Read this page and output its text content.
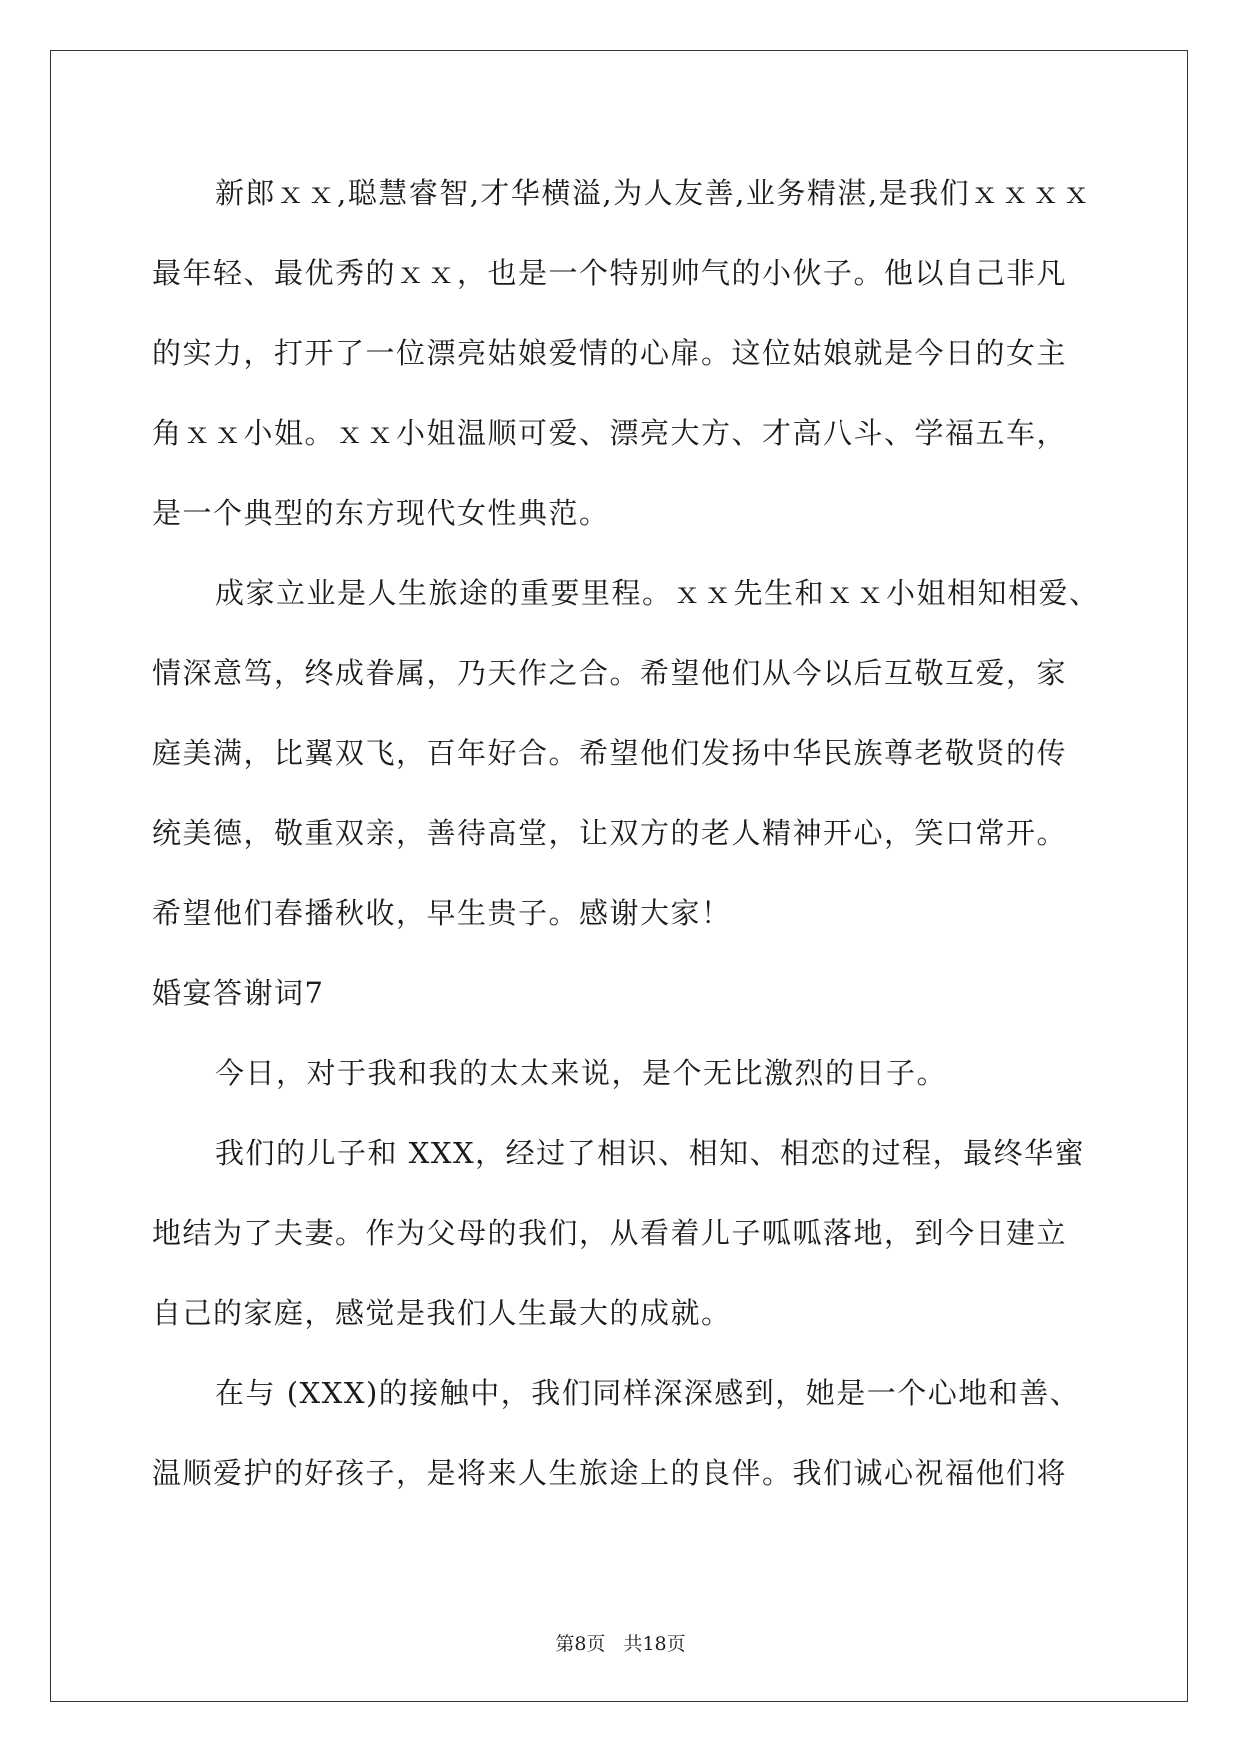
新郎ｘｘ,聪慧睿智,才华横溢,为人友善,业务精湛,是我们ｘｘｘｘ
最年轻、最优秀的ｘｘ，也是一个特别帅气的小伙子。他以自己非凡
的实力，打开了一位漂亮姑娘爱情的心扉。这位姑娘就是今日的女主
角ｘｘ小姐。ｘｘ小姐温顺可爱、漂亮大方、才高八斗、学福五车，
是一个典型的东方现代女性典范。
成家立业是人生旅途的重要里程。ｘｘ先生和ｘｘ小姐相知相爱、
情深意笃，终成眷属，乃天作之合。希望他们从今以后互敬互爱，家
庭美满，比翼双飞，百年好合。希望他们发扬中华民族尊老敬贤的传
统美德，敬重双亲，善待高堂，让双方的老人精神开心，笑口常开。
希望他们春播秋收，早生贵子。感谢大家！
婚宴答谢词7
今日，对于我和我的太太来说，是个无比激烈的日子。
我们的儿子和 XXX，经过了相识、相知、相恋的过程，最终华蜜
地结为了夫妻。作为父母的我们，从看着儿子呱呱落地，到今日建立
自己的家庭，感觉是我们人生最大的成就。
在与 (XXX)的接触中，我们同样深深感到，她是一个心地和善、
温顺爱护的好孩子，是将来人生旅途上的良伴。我们诚心祝福他们将
第8页 共18页
